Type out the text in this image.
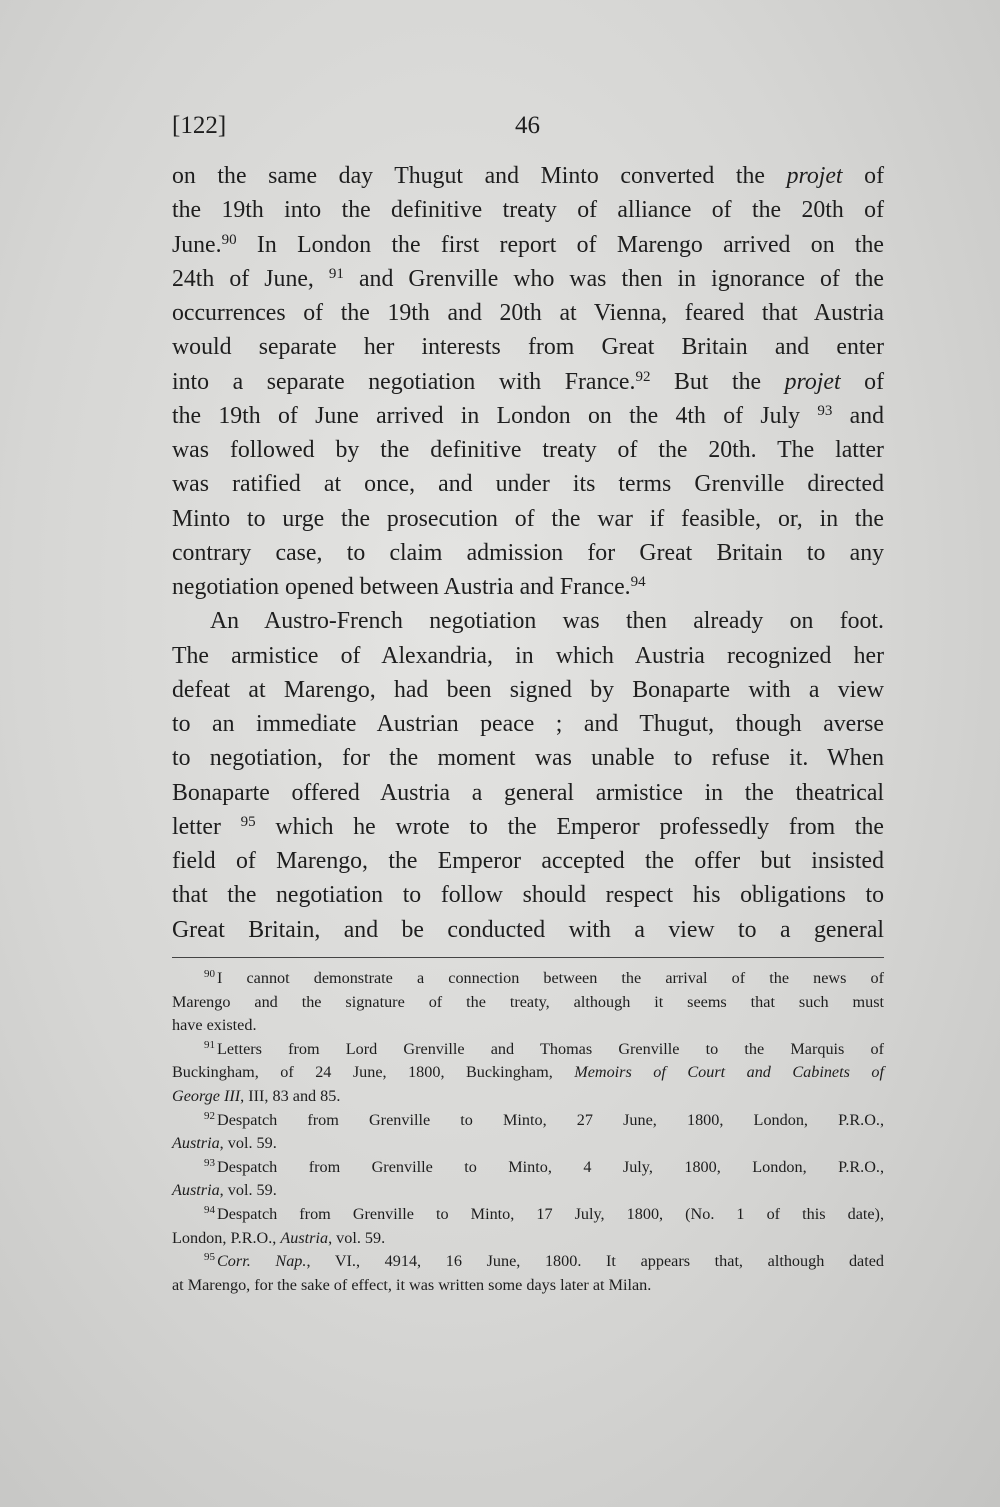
[122]	46
on the same day Thugut and Minto converted the projet of
the 19th into the definitive treaty of alliance of the 20th of
June.$^{90}$ In London the first report of Marengo arrived on the
24th of June, $^{91}$ and Grenville who was then in ignorance of the
occurrences of the 19th and 20th at Vienna, feared that Austria
would separate her interests from Great Britain and enter
into a separate negotiation with France.$^{92}$ But the projet of
the 19th of June arrived in London on the 4th of July $^{93}$ and
was followed by the definitive treaty of the 20th. The latter
was ratified at once, and under its terms Grenville directed
Minto to urge the prosecution of the war if feasible, or, in the
contrary case, to claim admission for Great Britain to any
negotiation opened between Austria and France.$^{94}$
An Austro-French negotiation was then already on foot.
The armistice of Alexandria, in which Austria recognized her
defeat at Marengo, had been signed by Bonaparte with a view
to an immediate Austrian peace ; and Thugut, though averse
to negotiation, for the moment was unable to refuse it. When
Bonaparte offered Austria a general armistice in the theatrical
letter $^{95}$ which he wrote to the Emperor professedly from the
field of Marengo, the Emperor accepted the offer but insisted
that the negotiation to follow should respect his obligations to
Great Britain, and be conducted with a view to a general
$^{90}$ I cannot demonstrate a connection between the arrival of the news of
Marengo and the signature of the treaty, although it seems that such must
have existed.
$^{91}$ Letters from Lord Grenville and Thomas Grenville to the Marquis of
Buckingham, of 24 June, 1800, Buckingham, Memoirs of Court and Cabinets of
George III, III, 83 and 85.
$^{92}$ Despatch from Grenville to Minto, 27 June, 1800, London, P.R.O.,
Austria, vol. 59.
$^{93}$ Despatch from Grenville to Minto, 4 July, 1800, London, P.R.O.,
Austria, vol. 59.
$^{94}$ Despatch from Grenville to Minto, 17 July, 1800, (No. 1 of this date),
London, P.R.O., Austria, vol. 59.
$^{95}$ Corr. Nap., VI., 4914, 16 June, 1800. It appears that, although dated
at Marengo, for the sake of effect, it was written some days later at Milan.
